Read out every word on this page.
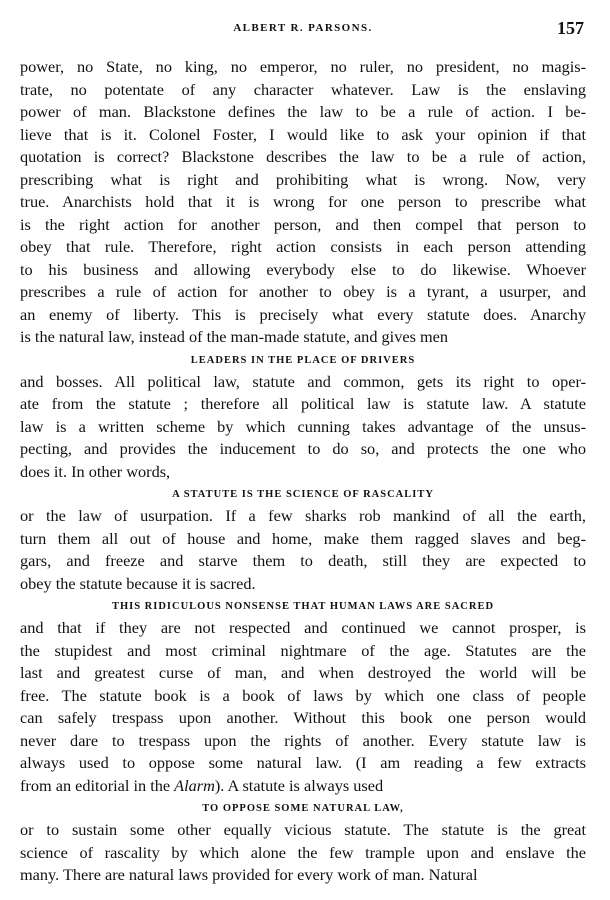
ALBERT R. PARSONS.	157
power, no State, no king, no emperor, no ruler, no president, no magis-
trate, no potentate of any character whatever. Law is the enslaving
power of man. Blackstone defines the law to be a rule of action. I be-
lieve that is it. Colonel Foster, I would like to ask your opinion if that
quotation is correct? Blackstone describes the law to be a rule of action,
prescribing what is right and prohibiting what is wrong. Now, very
true. Anarchists hold that it is wrong for one person to prescribe what
is the right action for another person, and then compel that person to
obey that rule. Therefore, right action consists in each person attending
to his business and allowing everybody else to do likewise. Whoever
prescribes a rule of action for another to obey is a tyrant, a usurper, and
an enemy of liberty. This is precisely what every statute does. Anarchy
is the natural law, instead of the man-made statute, and gives men
LEADERS IN THE PLACE OF DRIVERS
and bosses. All political law, statute and common, gets its right to oper-
ate from the statute ; therefore all political law is statute law. A statute
law is a written scheme by which cunning takes advantage of the unsus-
pecting, and provides the inducement to do so, and protects the one who
does it. In other words,
A STATUTE IS THE SCIENCE OF RASCALITY
or the law of usurpation. If a few sharks rob mankind of all the earth,
turn them all out of house and home, make them ragged slaves and beg-
gars, and freeze and starve them to death, still they are expected to
obey the statute because it is sacred.
THIS RIDICULOUS NONSENSE THAT HUMAN LAWS ARE SACRED
and that if they are not respected and continued we cannot prosper, is
the stupidest and most criminal nightmare of the age. Statutes are the
last and greatest curse of man, and when destroyed the world will be
free. The statute book is a book of laws by which one class of people
can safely trespass upon another. Without this book one person would
never dare to trespass upon the rights of another. Every statute law is
always used to oppose some natural law. (I am reading a few extracts
from an editorial in the Alarm). A statute is always used
TO OPPOSE SOME NATURAL LAW,
or to sustain some other equally vicious statute. The statute is the great
science of rascality by which alone the few trample upon and enslave the
many. There are natural laws provided for every work of man. Natural
